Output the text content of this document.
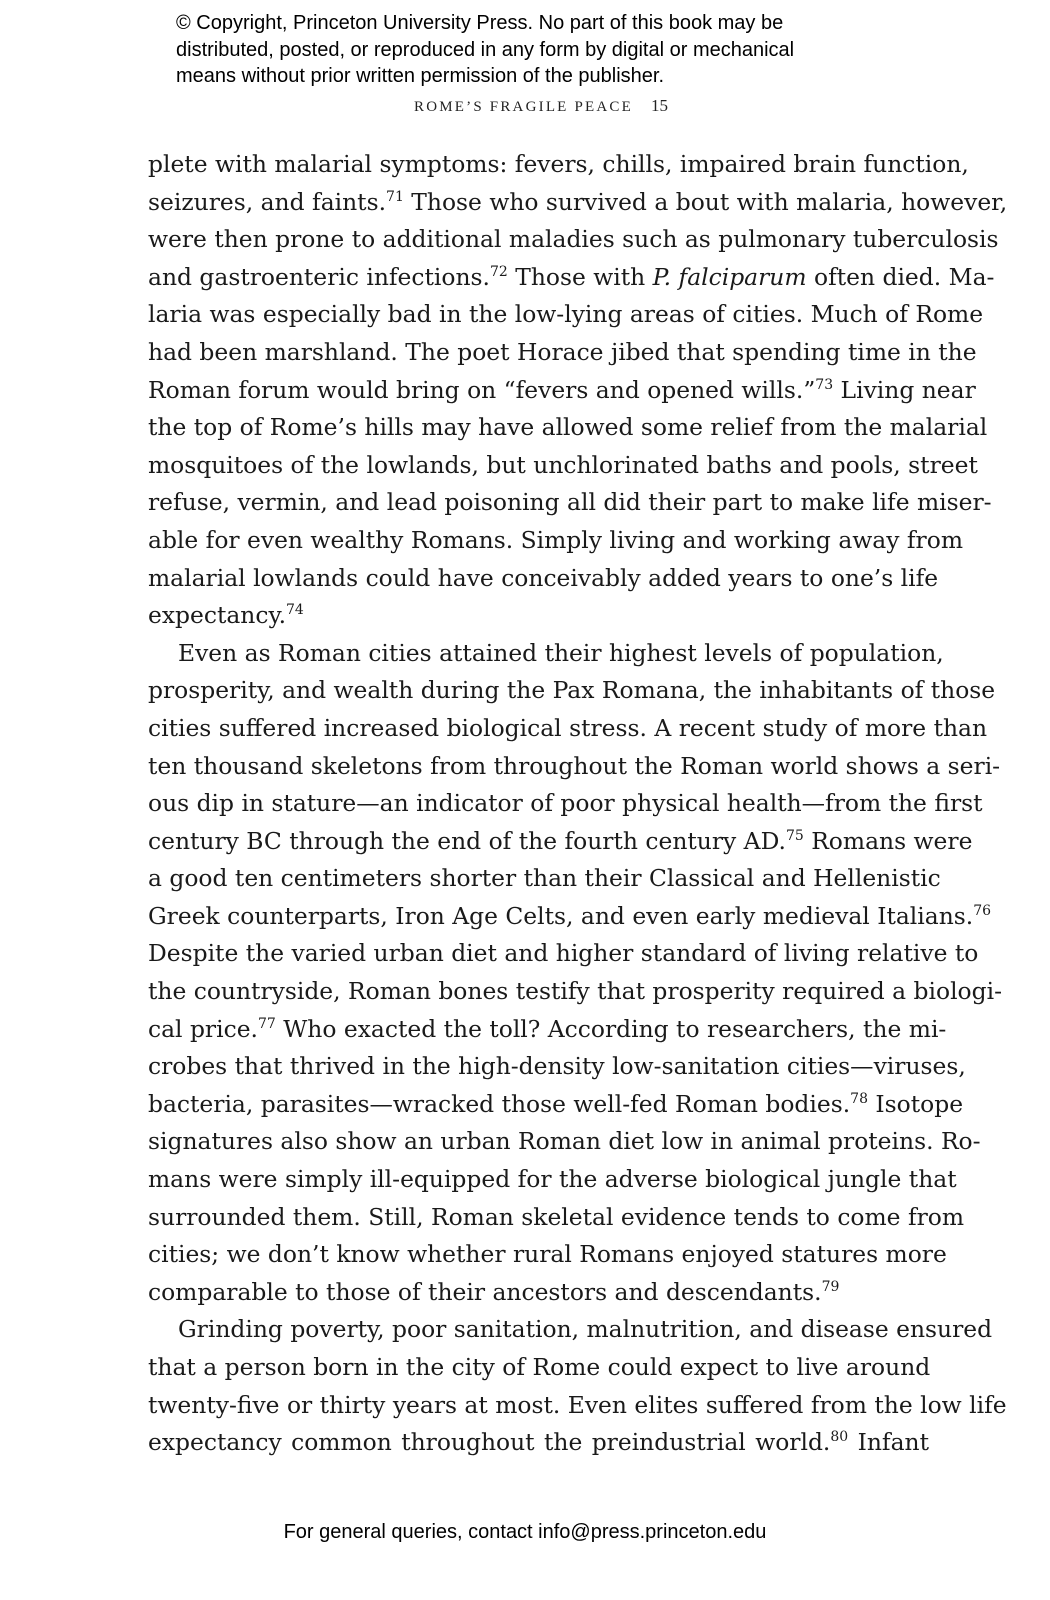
© Copyright, Princeton University Press. No part of this book may be
distributed, posted, or reproduced in any form by digital or mechanical
means without prior written permission of the publisher.
ROME’S FRAGILE PEACE 15
plete with malarial symptoms: fevers, chills, impaired brain function,
seizures, and faints.$^{71}$ Those who survived a bout with malaria, however,
were then prone to additional maladies such as pulmonary tuberculosis
and gastroenteric infections.$^{72}$ Those with P. falciparum often died. Ma-
laria was especially bad in the low-lying areas of cities. Much of Rome
had been marshland. The poet Horace jibed that spending time in the
Roman forum would bring on “fevers and opened wills.”$^{73}$ Living near
the top of Rome’s hills may have allowed some relief from the malarial
mosquitoes of the lowlands, but unchlorinated baths and pools, street
refuse, vermin, and lead poisoning all did their part to make life miser-
able for even wealthy Romans. Simply living and working away from
malarial lowlands could have conceivably added years to one’s life
expectancy.$^{74}$
Even as Roman cities attained their highest levels of population,
prosperity, and wealth during the Pax Romana, the inhabitants of those
cities suffered increased biological stress. A recent study of more than
ten thousand skeletons from throughout the Roman world shows a seri-
ous dip in stature—an indicator of poor physical health—from the first
century BC through the end of the fourth century AD.$^{75}$ Romans were
a good ten centimeters shorter than their Classical and Hellenistic
Greek counterparts, Iron Age Celts, and even early medieval Italians.$^{76}$
Despite the varied urban diet and higher standard of living relative to
the countryside, Roman bones testify that prosperity required a biologi-
cal price.$^{77}$ Who exacted the toll? According to researchers, the mi-
crobes that thrived in the high-density low-sanitation cities—viruses,
bacteria, parasites—wracked those well-fed Roman bodies.$^{78}$ Isotope
signatures also show an urban Roman diet low in animal proteins. Ro-
mans were simply ill-equipped for the adverse biological jungle that
surrounded them. Still, Roman skeletal evidence tends to come from
cities; we don’t know whether rural Romans enjoyed statures more
comparable to those of their ancestors and descendants.$^{79}$
Grinding poverty, poor sanitation, malnutrition, and disease ensured
that a person born in the city of Rome could expect to live around
twenty-five or thirty years at most. Even elites suffered from the low life
expectancy common throughout the preindustrial world.$^{80}$ Infant
For general queries, contact info@press.princeton.edu
